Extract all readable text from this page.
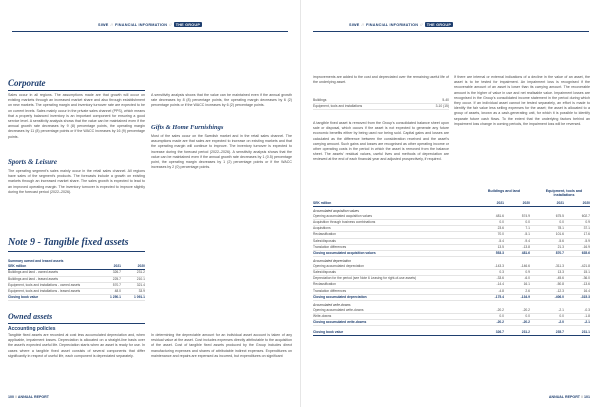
SIWE // FINANCIAL INFORMATION //	THE GROUP
Corporate

Sales occur in all regions. The assumptions made are that growth will occur on existing markets through an increased market share and also through establishment on new markets. The operating margin and inventory turnover rate are expected to be on current levels. Sales mainly occur in the private sales channel (PPS), which means that a properly balanced inventory is an important component for ensuring a good service level. A sensitivity analysis shows that the value can be maintained even if the annual growth rate decreases by 9 (8) percentage points, the operating margin decreases by 11 (8) percentage points or if the WACC increases by 16 (9) percentage points.

Sports & Leisure

The operating segment's sales mainly occur in the retail sales channel. All regions have sales of the segment's products. The forecasts include a growth on existing markets through an increased market share. The sales growth is expected to lead to an improved operating margin. The inventory turnover is expected to improve slightly during the forecast period (2022–2026).

A sensitivity analysis shows that the value can be maintained even if the annual growth rate decreases by 8 (8) percentage points, the operating margin decreases by 6 (2) percentage points or if the WACC increases by 6 (2) percentage points.

Gifts & Home Furnishings

Most of the sales occur on the Swedish market and in the retail sales channel. The assumptions made are that sales are expected to increase on existing markets and that the operating margin will continue to improve. The inventory turnover is expected to increase during the forecast period (2022–2026). A sensitivity analysis shows that the value can be maintained even if the annual growth rate decreases by 1 (0.5) percentage point, the operating margin decreases by 1 (2) percentage points or if the WACC increases by 2 (0) percentage points.

Note 9 - Tangible fixed assets
Summary owned and leased assets
SEK million	2021	2020
Buildings and land - owned assets	326.7	231.2
Buildings and land - leased assets	225.7	210.1
Equipment, tools and installations - owned assets	570.7	321.4
Equipment, tools and installations - leased assets	48.0	33.9
Closing book value	1 250.1	1 091.1
Owned assets
Accounting policies

Tangible fixed assets are recorded at cost less accumulated depreciation and, when applicable, impairment losses. Depreciation is allocated on a straight-line basis over the asset's expected useful life. Depreciation starts when an asset is ready for use. In cases where a tangible fixed asset consists of several components that differ significantly in respect of useful life, each component is depreciated separately.

In determining the depreciable amount for an individual asset account is taken of any residual value at the asset. Cost includes expenses directly attributable to the acquisition of the asset. Cost of tangible fixed assets produced by the Group includes direct manufacturing expenses and shares of attributable indirect expenses. Expenditures on maintenance and repairs are expensed as incurred, but expenditures on significant

100 // ANNUAL REPORT
SIWE // FINANCIAL INFORMATION //	THE GROUP

improvements are added to the cost and depreciated over the remaining useful life of the underlying asset.

Buildings	5-40
Equipment, tools and installations	3-10 (15)

A tangible fixed asset is removed from the Group's consolidated balance sheet upon sale or disposal, which occurs if the asset is not expected to generate any future economic benefits either by being used nor being sold. Capital gains and losses are calculated as the difference between the consideration received and the asset's carrying amount. Such gains and losses are recognised as other operating income or other operating costs in the period in which the asset is removed from the balance sheet. The assets' residual values, useful lives and methods of depreciation are reviewed at the end of each financial year and adjusted prospectively, if required.

If there are internal or external indications of a decline in the value of an asset, the asset is to be tested for impairment. An impairment loss is recognised if the recoverable amount of an asset is lower than its carrying amount. The recoverable amount is the higher of value in use and net realisable value. Impairment losses are recognised in the Group's consolidated income statement in the period during which they occur. If an individual asset cannot be tested separately, an effort is made to identify the fair value less selling expenses for the asset; the asset is allocated to a group of assets, known as a cash-generating unit, for which it is possible to identify separate future cash flows. To the extent that the underlying factors behind an impairment loss change in coming periods, the impairment loss will be reversed.

Buildings and land	Equipment, tools and installations
SEK million	2021	2020	2021	2020
Accumulated acquisition values
Opening accumulated acquisition values	481.6	574.9	675.5	602.7
Acquisition through business combinations	0.0	0.0	0.0	0.9
Acquisitions	23.6	7.1	78.1	37.1
Reclassification	70.0	-5.1	101.6	17.6
Sales/disposals	-5.4	-9.4	-5.6	-5.9
Translation differences	13.5	-13.8	21.3	-16.9
Closing accumulated acquisition values	553.3	481.6	870.7	635.6
Accumulated depreciation
Opening accumulated depreciation	-143.3	-146.6	-311.3	-421.8
Sales/disposals	0.3	0.9	13.3	15.1
Depreciation for the period (see Note 6 Leasing for right-of-use assets)	-33.6	-6.0	-45.6	-36.0
Reclassification	-14.4	16.1	-50.8	-13.6
Translation differences	-4.8	2.6	-12.3	16.4
Closing accumulated depreciation	-175.4	-134.9	-406.0	-315.3
Accumulated write-downs
Opening accumulated write-downs	-20.2	-20.2	-2.1	-0.3
Write-downs	0.0	0.0	0.0	-1.8
Closing accumulated write-downs	-20.2	-20.2	-2.0	-2.1
Closing book value	326.7	231.2	235.7	231.1
ANNUAL REPORT // 101
